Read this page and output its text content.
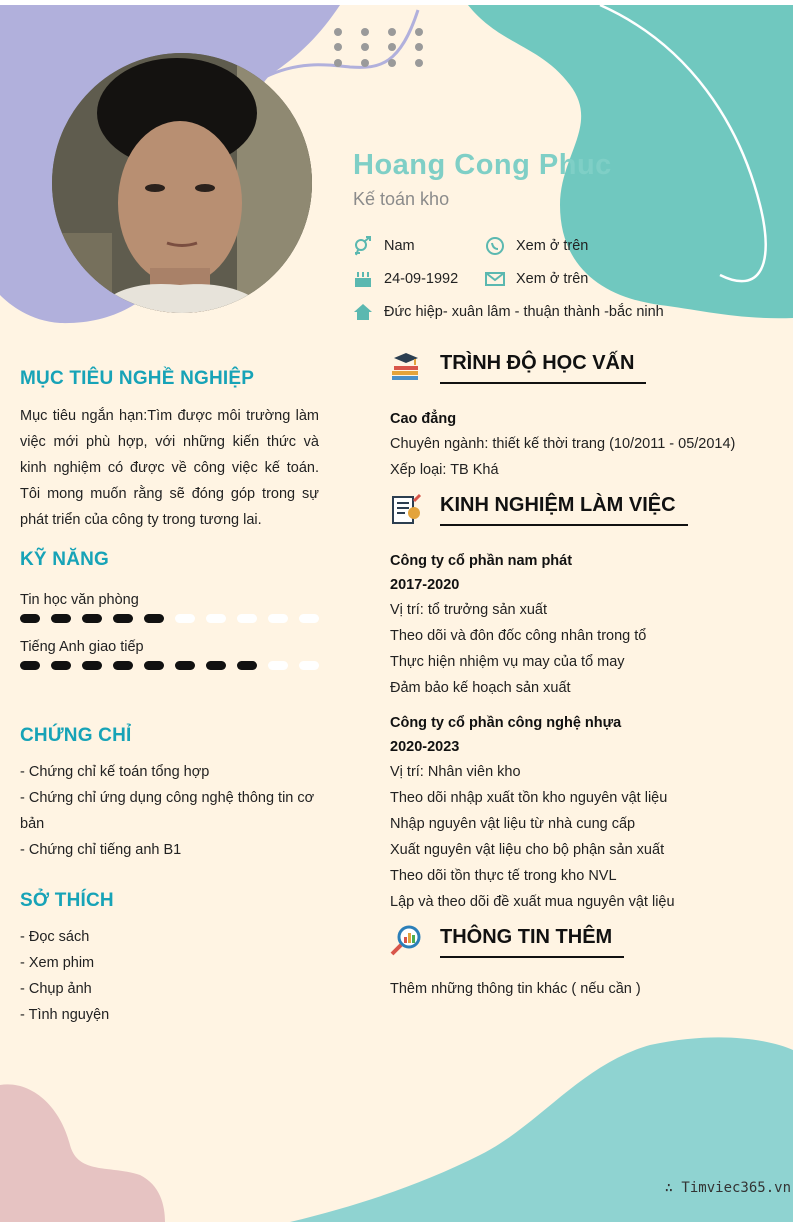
Hoang Cong Phuc
Kế toán kho
Nam	Xem ở trên
24-09-1992	Xem ở trên
Đức hiệp- xuân lâm - thuận thành -bắc ninh
MỤC TIÊU NGHỀ NGHIỆP
Mục tiêu ngắn hạn:Tìm được môi trường làm việc mới phù hợp, với những kiến thức và kinh nghiệm có được về công việc kế toán. Tôi mong muốn rằng sẽ đóng góp trong sự phát triển của công ty trong tương lai.
KỸ NĂNG
Tin học văn phòng
Tiếng Anh giao tiếp
CHỨNG CHỈ
- Chứng chỉ kế toán tổng hợp
- Chứng chỉ ứng dụng công nghệ thông tin cơ bản
- Chứng chỉ tiếng anh B1
SỞ THÍCH
- Đọc sách
- Xem phim
- Chụp ảnh
- Tình nguyện
TRÌNH ĐỘ HỌC VẤN
Cao đẳng
Chuyên ngành: thiết kế thời trang (10/2011 - 05/2014)
Xếp loại: TB Khá
KINH NGHIỆM LÀM VIỆC
Công ty cổ phần nam phát
2017-2020
Vị trí: tổ trưởng sản xuất
Theo dõi và đôn đốc công nhân trong tổ
Thực hiện nhiệm vụ may của tổ may
Đảm bảo kế hoạch sản xuất
Công ty cổ phần công nghệ nhựa
2020-2023
Vị trí: Nhân viên kho
Theo dõi nhập xuất tồn kho nguyên vật liệu
Nhập nguyên vật liệu từ nhà cung cấp
Xuất nguyên vật liệu cho bộ phận sản xuất
Theo dõi tồn thực tế trong kho NVL
Lập và theo dõi đề xuất mua nguyên vật liệu
THÔNG TIN THÊM
Thêm những thông tin khác ( nếu cần )
∴ Timviec365.vn
